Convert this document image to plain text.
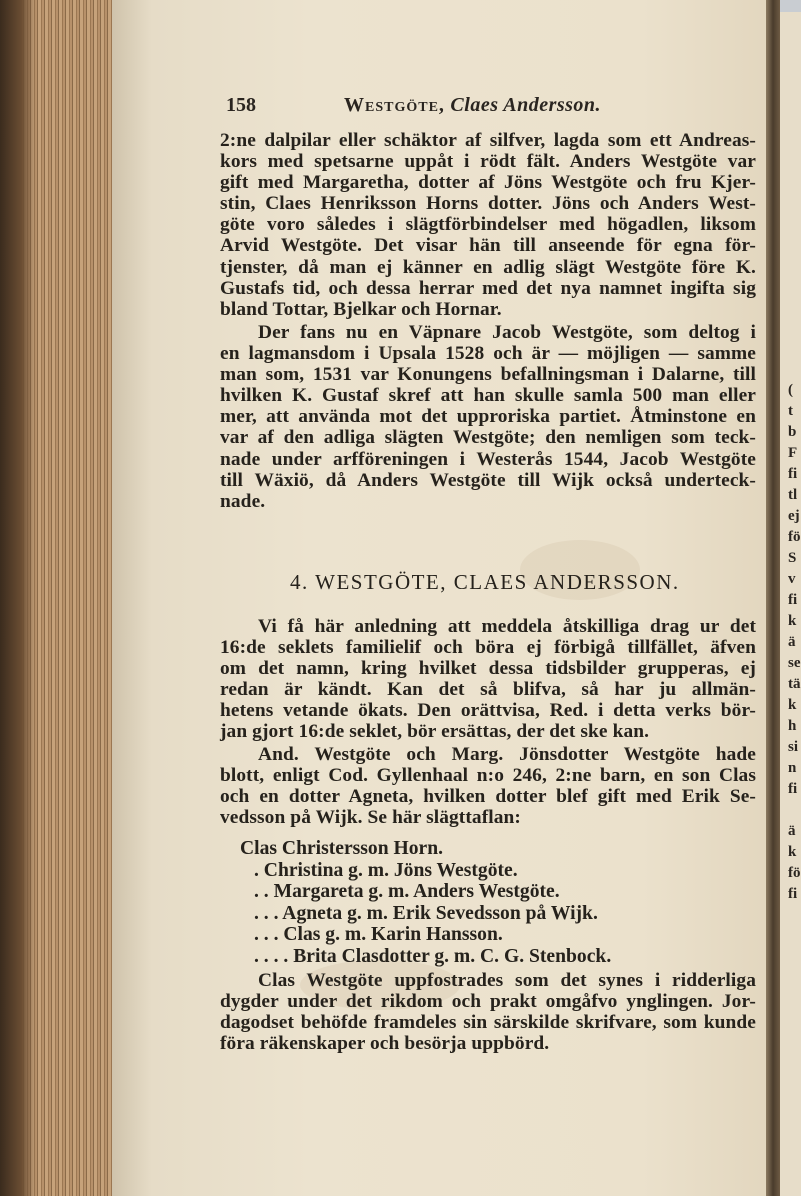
(
t
b
F
fi
tl
ej
fö
S
v
fi
k
ä
se
tä
k
h
si
n
fi

ä
k
fö
fi
158	Westgöte, Claes Andersson.
2:ne dalpilar eller schäktor af silfver, lagda som ett Andreas-
kors med spetsarne uppåt i rödt fält. Anders Westgöte var
gift med Margaretha, dotter af Jöns Westgöte och fru Kjer-
stin, Claes Henriksson Horns dotter. Jöns och Anders West-
göte voro således i slägtförbindelser med högadlen, liksom
Arvid Westgöte. Det visar hän till anseende för egna för-
tjenster, då man ej känner en adlig slägt Westgöte före K.
Gustafs tid, och dessa herrar med det nya namnet ingifta sig
bland Tottar, Bjelkar och Hornar.
Der fans nu en Väpnare Jacob Westgöte, som deltog i
en lagmansdom i Upsala 1528 och är — möjligen — samme
man som, 1531 var Konungens befallningsman i Dalarne, till
hvilken K. Gustaf skref att han skulle samla 500 man eller
mer, att använda mot det upproriska partiet. Åtminstone en
var af den adliga slägten Westgöte; den nemligen som teck-
nade under arfföreningen i Westerås 1544, Jacob Westgöte
till Wäxiö, då Anders Westgöte till Wijk också underteck-
nade.
4. WESTGÖTE, CLAES ANDERSSON.
Vi få här anledning att meddela åtskilliga drag ur det
16:de seklets familielif och böra ej förbigå tillfället, äfven
om det namn, kring hvilket dessa tidsbilder grupperas, ej
redan är kändt. Kan det så blifva, så har ju allmän-
hetens vetande ökats. Den orättvisa, Red. i detta verks bör-
jan gjort 16:de seklet, bör ersättas, der det ske kan.
And. Westgöte och Marg. Jönsdotter Westgöte hade
blott, enligt Cod. Gyllenhaal n:o 246, 2:ne barn, en son Clas
och en dotter Agneta, hvilken dotter blef gift med Erik Se-
vedsson på Wijk. Se här slägttaflan:
Clas Christersson Horn.
. Christina g. m. Jöns Westgöte.
. . Margareta g. m. Anders Westgöte.
. . . Agneta g. m. Erik Sevedsson på Wijk.
. . . Clas g. m. Karin Hansson.
. . . . Brita Clasdotter g. m. C. G. Stenbock.
Clas Westgöte uppfostrades som det synes i ridderliga
dygder under det rikdom och prakt omgåfvo ynglingen. Jor-
dagodset behöfde framdeles sin särskilde skrifvare, som kunde
föra räkenskaper och besörja uppbörd.
